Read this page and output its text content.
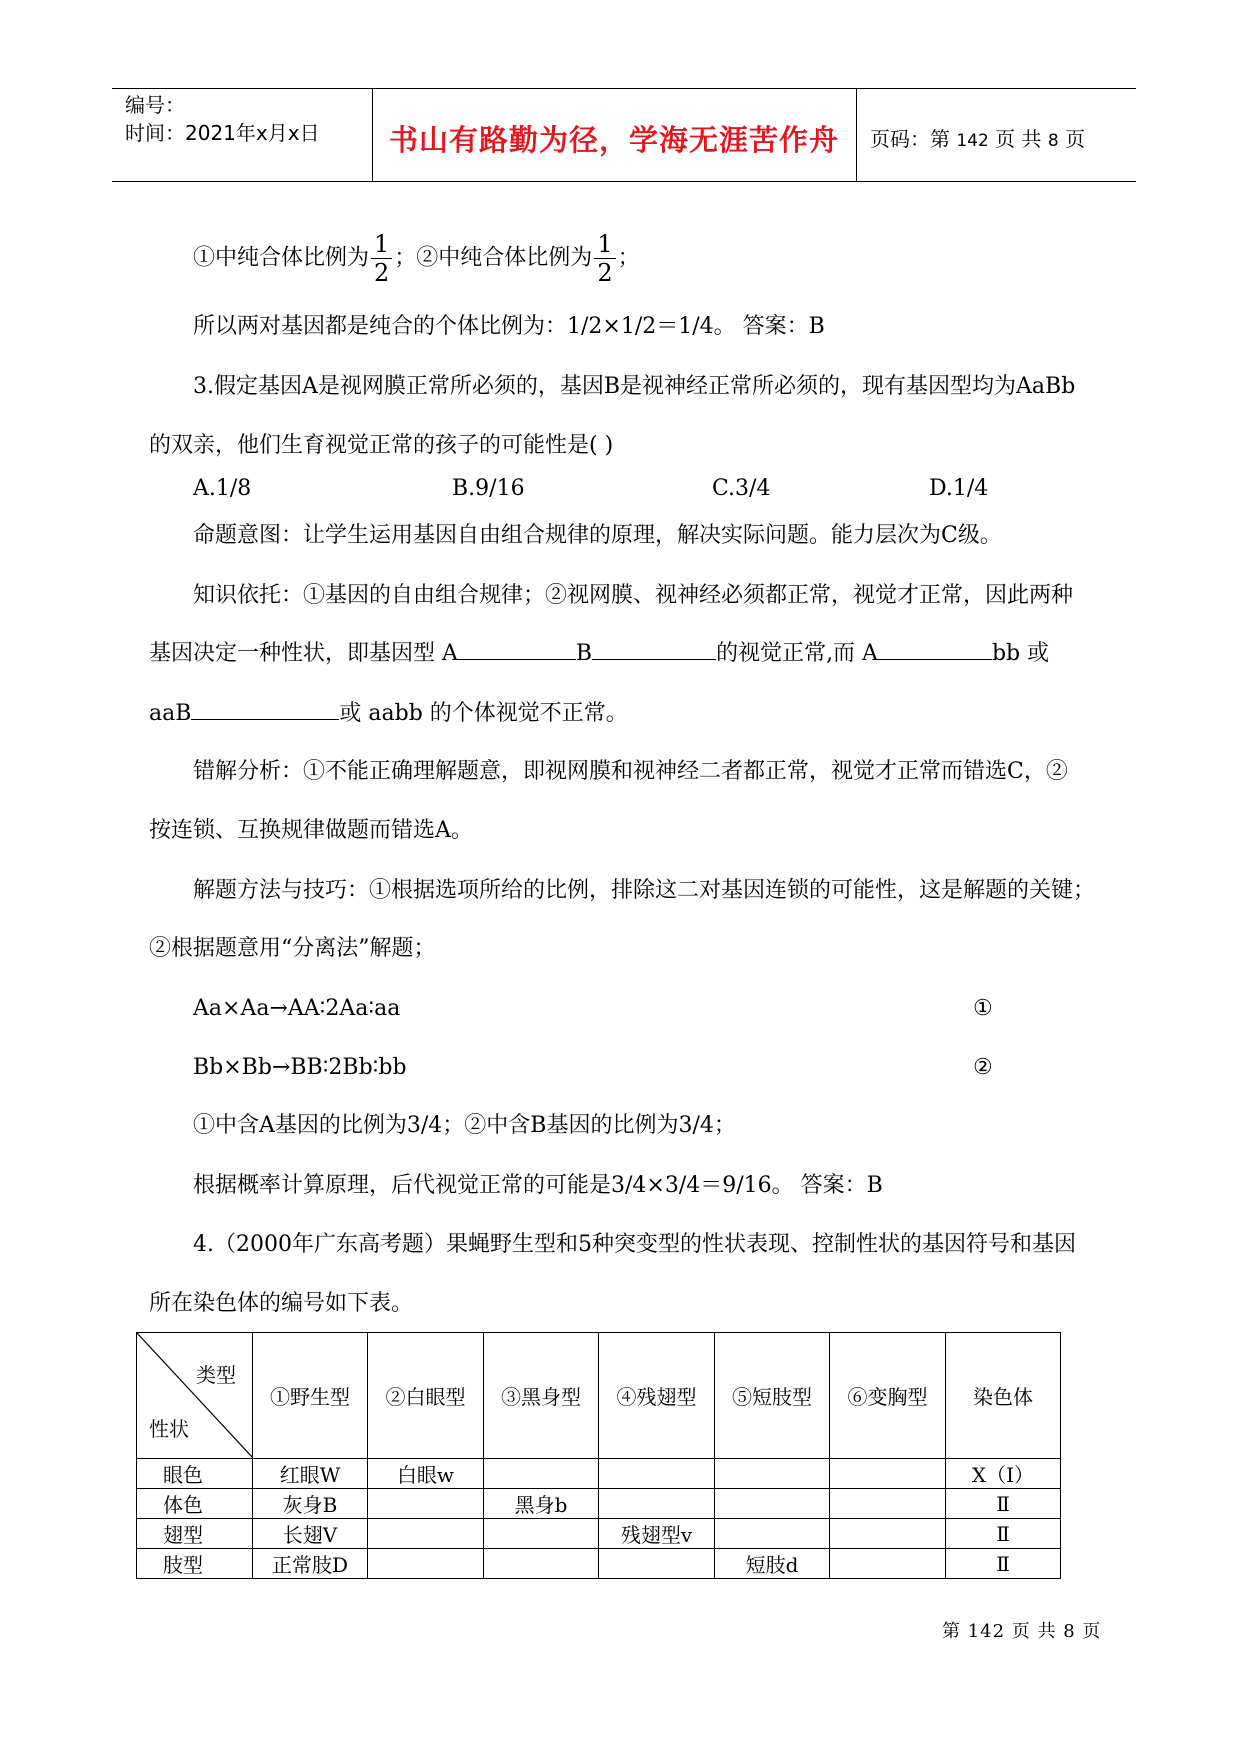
编号：
时间：2021年x月x日	书山有路勤为径，学海无涯苦作舟	页码：第 142 页 共 8 页
①中纯合体比例为 $\frac{1}{2}$ ；②中纯合体比例为 $\frac{1}{2}$ ；
所以两对基因都是纯合的个体比例为：1/2×1/2＝1/4。 答案：B
3.假定基因A是视网膜正常所必须的，基因B是视神经正常所必须的，现有基因型均为AaBb
的双亲，他们生育视觉正常的孩子的可能性是( )
A.1/8	B.9/16	C.3/4	D.1/4
命题意图：让学生运用基因自由组合规律的原理，解决实际问题。能力层次为C级。
知识依托：①基因的自由组合规律；②视网膜、视神经必须都正常，视觉才正常，因此两种
基因决定一种性状，即基因型 A	B	的视觉正常,而 A	bb 或
aaB	或 aabb 的个体视觉不正常。
错解分析：①不能正确理解题意，即视网膜和视神经二者都正常，视觉才正常而错选C，②
按连锁、互换规律做题而错选A。
解题方法与技巧：①根据选项所给的比例，排除这二对基因连锁的可能性，这是解题的关键；
②根据题意用“分离法”解题；
Aa×Aa→AA∶2Aa∶aa	①
Bb×Bb→BB∶2Bb∶bb	②
①中含A基因的比例为3/4；②中含B基因的比例为3/4；
根据概率计算原理，后代视觉正常的可能是3/4×3/4＝9/16。 答案：B
4.（2000年广东高考题）果蝇野生型和5种突变型的性状表现、控制性状的基因符号和基因
所在染色体的编号如下表。
类型
性状	①野生型	②白眼型	③黑身型	④残翅型	⑤短肢型	⑥变胸型	染色体
眼色	红眼W	白眼w					X（Ⅰ）
体色	灰身B		黑身b				Ⅱ
翅型	长翅V			残翅型v			Ⅱ
肢型	正常肢D				短肢d		Ⅱ
第 142 页 共 8 页
